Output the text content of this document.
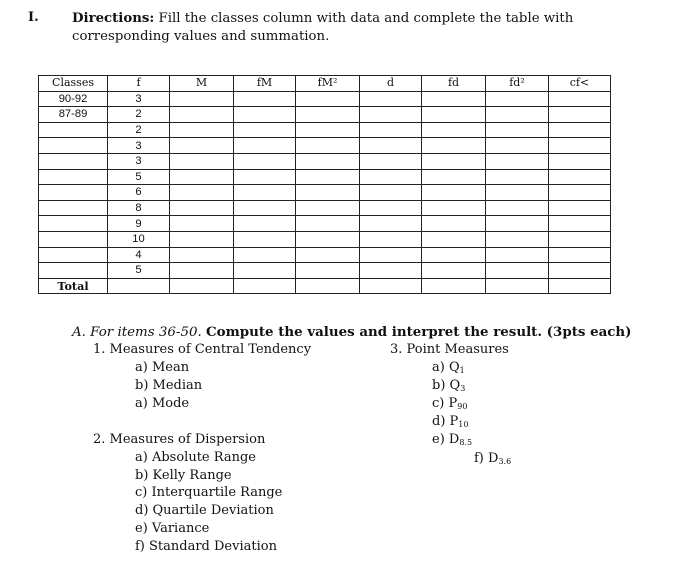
I.	Directions: Fill the classes column with data and complete the table with corresponding values and summation.
Classes	f	M	fM	fM²	d	fd	fd²	cf<
90-92	3							
87-89	2							
	2							
	3							
	3							
	5							
	6							
	8							
	9							
	10							
	4							
	5							
Total								
A. For items 36-50. Compute the values and interpret the result. (3pts each)
1. Measures of Central Tendency
a) Mean
b) Median
a) Mode
2. Measures of Dispersion
a) Absolute Range
b) Kelly Range
c) Interquartile Range
d) Quartile Deviation
e) Variance
f) Standard Deviation
3. Point Measures
a) $Q_1$
b) $Q_3$
c) $P_{90}$
d) $P_{10}$
e) $D_{8.5}$
f) $D_{3.6}$
